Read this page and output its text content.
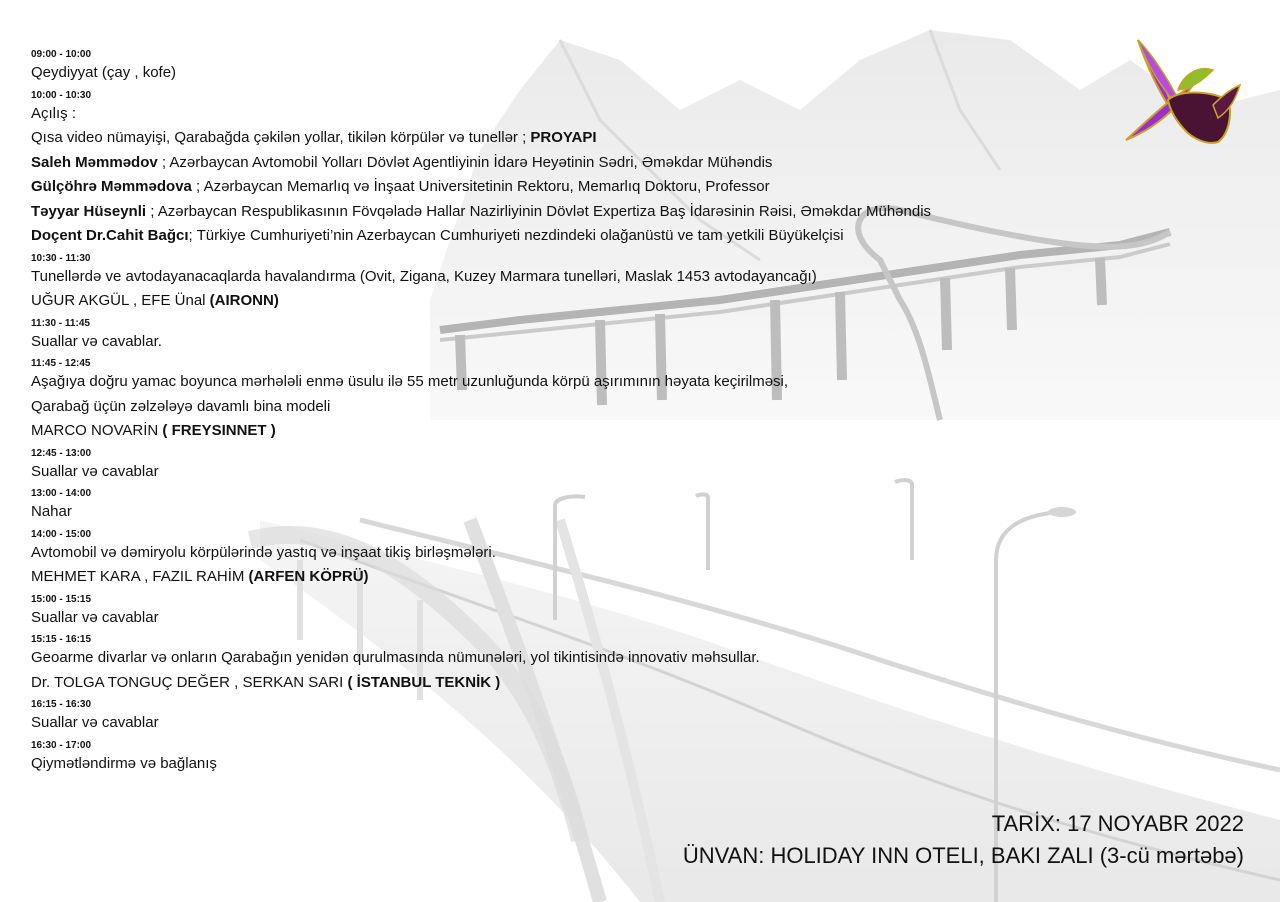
09:00 - 10:00
Qeydiyyat (çay , kofe)
10:00 - 10:30
Açılış :
Qısa video nümayişi, Qarabağda çəkilən yollar, tikilən körpülər və tunellər ; PROYAPI
Saleh Məmmədov ; Azərbaycan Avtomobil Yolları Dövlət Agentliyinin İdarə Heyətinin Sədri, Əməkdar Mühəndis
Gülçöhrə Məmmədova ; Azərbaycan Memarlıq və İnşaat Universitetinin Rektoru, Memarlıq Doktoru, Professor
Təyyar Hüseynli ; Azərbaycan Respublikasının Fövqəladə Hallar Nazirliyinin Dövlət Expertiza Baş İdarəsinin Rəisi, Əməkdar Mühəndis
Doçent Dr.Cahit Bağcı; Türkiye Cumhuriyeti’nin Azerbaycan Cumhuriyeti nezdindeki olağanüstü ve tam yetkili Büyükelçisi
10:30 - 11:30
Tunellərdə ve avtodayanacaqlarda havalandırma (Ovit, Zigana, Kuzey Marmara tunelləri, Maslak 1453 avtodayancağı)
UĞUR AKGÜL , EFE Ünal (AIRONN)
11:30 - 11:45
Suallar və cavablar.
11:45 - 12:45
Aşağıya doğru yamac boyunca mərhələli enmə üsulu ilə 55 metr uzunluğunda körpü aşırımının həyata keçirilməsi,
Qarabağ üçün zəlzələyə davamlı bina modeli
MARCO NOVARİN ( FREYSINNET )
12:45 - 13:00
Suallar və cavablar
13:00 - 14:00
Nahar
14:00 - 15:00
Avtomobil və dəmiryolu körpülərində yastıq və inşaat tikiş birləşmələri.
MEHMET KARA , FAZIL RAHİM (ARFEN KÖPRÜ)
15:00 - 15:15
Suallar və cavablar
15:15 - 16:15
Geoarme divarlar və onların Qarabağın yenidən qurulmasında nümunələri, yol tikintisində innovativ məhsullar.
Dr. TOLGA TONGUÇ DEĞER , SERKAN SARI ( İSTANBUL TEKNİK )
16:15 - 16:30
Suallar və cavablar
16:30 - 17:00
Qiymətləndirmə və bağlanış
TARİX: 17 NOYABR 2022
ÜNVAN: HOLIDAY INN OTELI, BAKI ZALI (3-cü mərtəbə)
